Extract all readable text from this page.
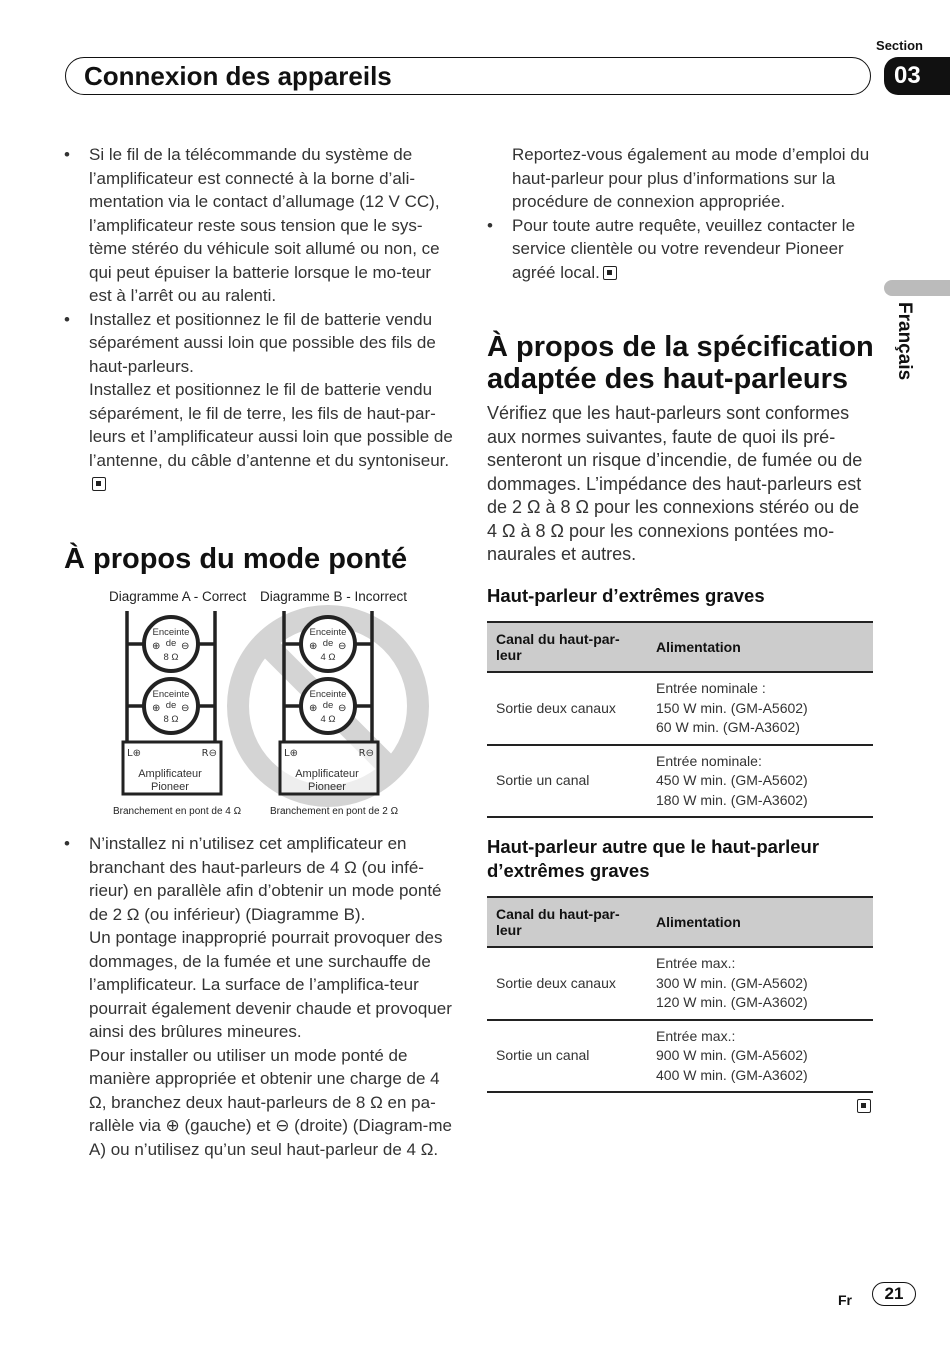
Section
03
Connexion des appareils
Français
• Si le fil de la télécommande du système de l’amplificateur est connecté à la borne d’ali-mentation via le contact d’allumage (12 V CC), l’amplificateur reste sous tension que le sys-tème stéréo du véhicule soit allumé ou non, ce qui peut épuiser la batterie lorsque le mo-teur est à l’arrêt ou au ralenti.
• Installez et positionnez le fil de batterie vendu séparément aussi loin que possible des fils de haut-parleurs.
Installez et positionnez le fil de batterie vendu séparément, le fil de terre, les fils de haut-par-leurs et l’amplificateur aussi loin que possible de l’antenne, du câble d’antenne et du syntoniseur.
À propos du mode ponté
Diagramme A - Correct
Enceinte
de
8 Ω
⊕ ⊖
Enceinte
de
8 Ω
⊕ ⊖
L⊕	R⊖
Amplificateur
Pioneer
Branchement en pont de 4 Ω
Diagramme B - Incorrect
Enceinte
de
4 Ω
⊕ ⊖
Enceinte
de
4 Ω
⊕ ⊖
L⊕	R⊖
Amplificateur
Pioneer
Branchement en pont de 2 Ω
• N’installez ni n’utilisez cet amplificateur en branchant des haut-parleurs de 4 Ω (ou infé-rieur) en parallèle afin d’obtenir un mode ponté de 2 Ω (ou inférieur) (Diagramme B).
Un pontage inapproprié pourrait provoquer des dommages, de la fumée et une surchauffe de l’amplificateur. La surface de l’amplifica-teur pourrait également devenir chaude et provoquer ainsi des brûlures mineures.
Pour installer ou utiliser un mode ponté de manière appropriée et obtenir une charge de 4 Ω, branchez deux haut-parleurs de 8 Ω en pa-rallèle via ⊕ (gauche) et ⊖ (droite) (Diagram-me A) ou n’utilisez qu’un seul haut-parleur de 4 Ω.
Reportez-vous également au mode d’emploi du haut-parleur pour plus d’informations sur la procédure de connexion appropriée.
• Pour toute autre requête, veuillez contacter le service clientèle ou votre revendeur Pioneer agréé local.
À propos de la spécification adaptée des haut-parleurs
Vérifiez que les haut-parleurs sont conformes aux normes suivantes, faute de quoi ils pré-senteront un risque d’incendie, de fumée ou de dommages. L’impédance des haut-parleurs est de 2 Ω à 8 Ω pour les connexions stéréo ou de 4 Ω à 8 Ω pour les connexions pontées mo-naurales et autres.
Haut-parleur d’extrêmes graves
Canal du haut-par-leur	Alimentation
Sortie deux canaux	Entrée nominale :
150 W min. (GM-A5602)
60 W min. (GM-A3602)

Sortie un canal	Entrée nominale:
450 W min. (GM-A5602)
180 W min. (GM-A3602)
Haut-parleur autre que le haut-parleur d’extrêmes graves
Canal du haut-par-leur	Alimentation
Sortie deux canaux	Entrée max.:
300 W min. (GM-A5602)
120 W min. (GM-A3602)

Sortie un canal	Entrée max.:
900 W min. (GM-A5602)
400 W min. (GM-A3602)
Fr	21
